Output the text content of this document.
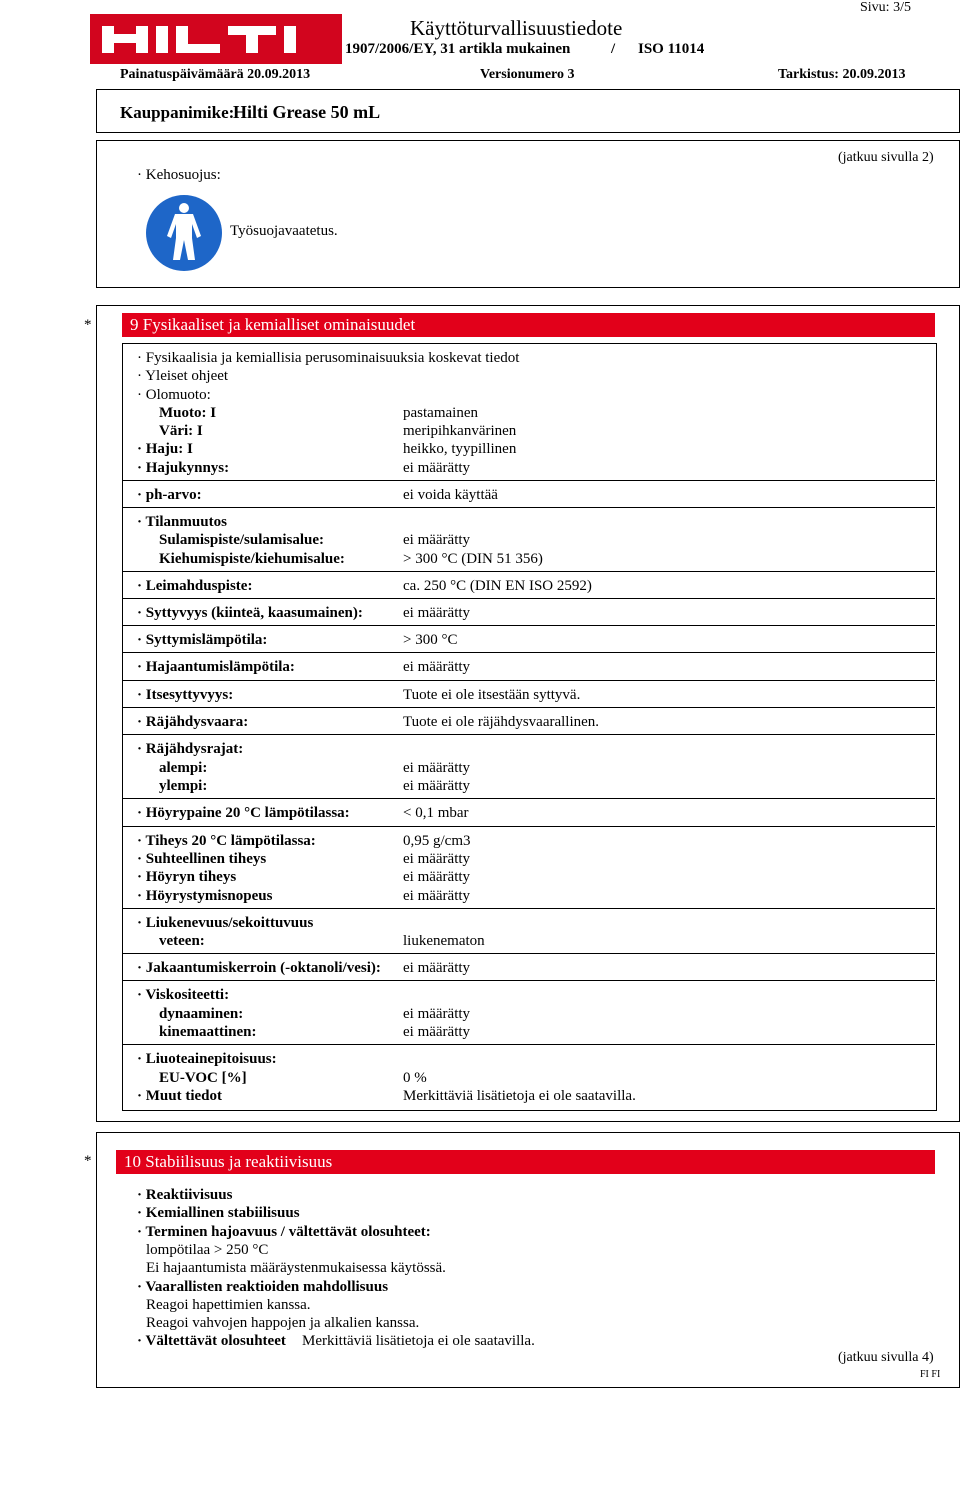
Käyttöturvallisuustiedote
1907/2006/EY, 31 artikla mukainen	/ ISO 11014
Sivu: 3/5
Painatuspäivämäärä 20.09.2013	Versionumero 3	Tarkistus: 20.09.2013
Kauppanimike:
Hilti Grease 50 mL
(jatkuu sivulla 2)
· Kehosuojus:
Työsuojavaatetus.
*	9 Fysikaaliset ja kemialliset ominaisuudet
· Fysikaalisia ja kemiallisia perusominaisuuksia koskevat tiedot
· Yleiset ohjeet
· Olomuoto:
Muoto: I	pastamainen
Väri: I	meripihkanvärinen
· Haju: I	heikko, tyypillinen
· Hajukynnys:	ei määrätty
· ph-arvo:	ei voida käyttää
· Tilanmuutos
Sulamispiste/sulamisalue:	ei määrätty
Kiehumispiste/kiehumisalue:	> 300 °C (DIN 51 356)
· Leimahduspiste:	ca. 250 °C (DIN EN ISO 2592)
· Syttyvyys (kiinteä, kaasumainen):	ei määrätty
· Syttymislämpötila:	> 300 °C
· Hajaantumislämpötila:	ei määrätty
· Itsesyttyvyys:	Tuote ei ole itsestään syttyvä.
· Räjähdysvaara:	Tuote ei ole räjähdysvaarallinen.
· Räjähdysrajat:
alempi:	ei määrätty
ylempi:	ei määrätty
· Höyrypaine 20 °C lämpötilassa:	< 0,1 mbar
· Tiheys 20 °C lämpötilassa:	0,95 g/cm3
· Suhteellinen tiheys	ei määrätty
· Höyryn tiheys	ei määrätty
· Höyrystymisnopeus	ei määrätty
· Liukenevuus/sekoittuvuus
veteen:	liukenematon
· Jakaantumiskerroin (-oktanoli/vesi): ei määrätty
· Viskositeetti:
dynaaminen:	ei määrätty
kinemaattinen:	ei määrätty
· Liuoteainepitoisuus:
EU-VOC [%]	0 %
· Muut tiedot	Merkittäviä lisätietoja ei ole saatavilla.
*	10 Stabiilisuus ja reaktiivisuus
· Reaktiivisuus
· Kemiallinen stabiilisuus
· Terminen hajoavuus / vältettävät olosuhteet:
lompötilaa > 250 °C
Ei hajaantumista määräystenmukaisessa käytössä.
· Vaarallisten reaktioiden mahdollisuus
Reagoi hapettimien kanssa.
Reagoi vahvojen happojen ja alkalien kanssa.
· Vältettävät olosuhteet Merkittäviä lisätietoja ei ole saatavilla.
(jatkuu sivulla 4)
FI FI
